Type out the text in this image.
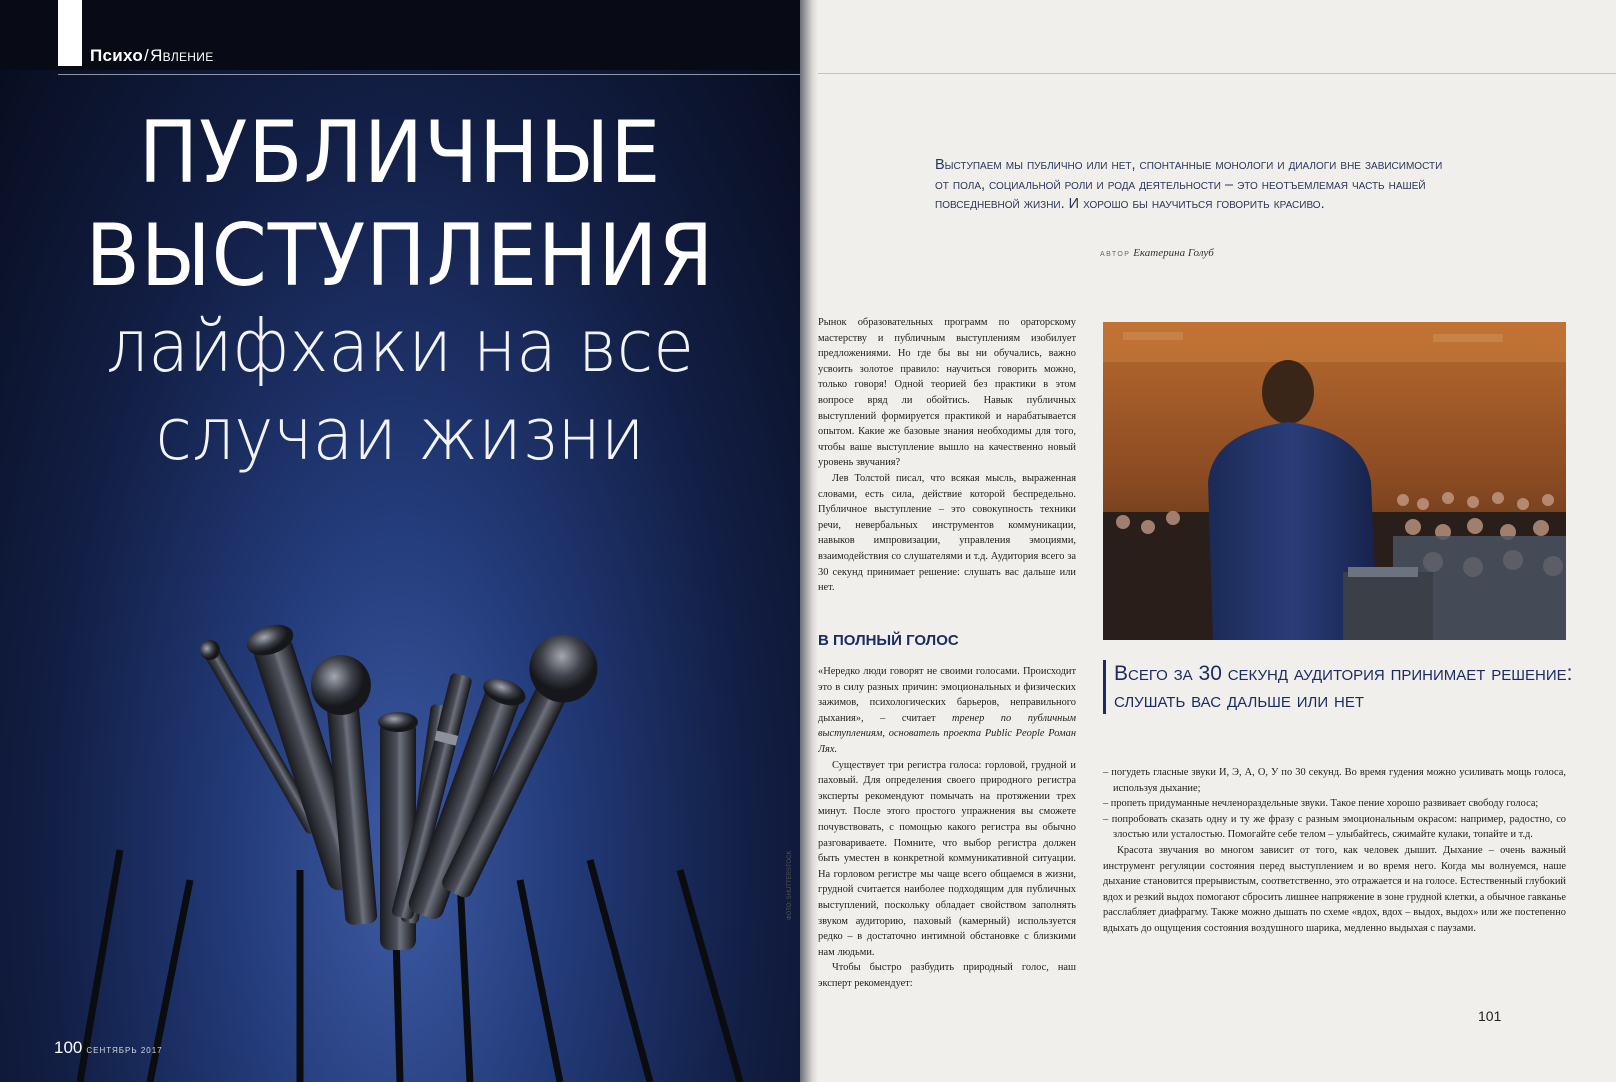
Психо/Явление
ПУБЛИЧНЫЕ
ВЫСТУПЛЕНИЯ
лайфхаки на все
случаи жизни
100 СЕНТЯБРЬ 2017
ФОТО: SHUTTERSTOCK
Выступаем мы публично или нет, спонтанные монологи и диалоги вне зависимости от пола, социальной роли и рода деятельности – это неотъемлемая часть нашей повседневной жизни. И хорошо бы научиться говорить красиво.
АВТОР Екатерина Голуб

Рынок образовательных программ по ораторскому мастерству и публичным выступлениям изобилует предложениями. Но где бы вы ни обучались, важно усвоить золотое правило: научиться говорить можно, только говоря! Одной теорией без практики в этом вопросе вряд ли обойтись. Навык публичных выступлений формируется практикой и нарабатывается опытом. Какие же базовые знания необходимы для того, чтобы ваше выступление вышло на качественно новый уровень звучания?

Лев Толстой писал, что всякая мысль, выраженная словами, есть сила, действие которой беспредельно. Публичное выступление – это совокупность техники речи, невербальных инструментов коммуникации, навыков импровизации, управления эмоциями, взаимодействия со слушателями и т.д. Аудитория всего за 30 секунд принимает решение: слушать вас дальше или нет.

В ПОЛНЫЙ ГОЛОС

«Нередко люди говорят не своими голосами. Происходит это в силу разных причин: эмоциональных и физических зажимов, психологических барьеров, неправильного дыхания», – считает тренер по публичным выступлениям, основатель проекта Public People Роман Лях.

Существует три регистра голоса: горловой, грудной и паховый. Для определения своего природного регистра эксперты рекомендуют помычать на протяжении трех минут. После этого простого упражнения вы сможете почувствовать, с помощью какого регистра вы обычно разговариваете. Помните, что выбор регистра должен быть уместен в конкретной коммуникативной ситуации. На горловом регистре мы чаще всего общаемся в жизни, грудной считается наиболее подходящим для публичных выступлений, поскольку обладает свойством заполнять звуком аудиторию, паховый (камерный) используется редко – в достаточно интимной обстановке с близкими нам людьми.

Чтобы быстро разбудить природный голос, наш эксперт рекомендует:

Всего за 30 секунд аудитория принимает решение: слушать вас дальше или нет

– погудеть гласные звуки И, Э, А, О, У по 30 секунд. Во время гудения можно усиливать мощь голоса, используя дыхание;

– пропеть придуманные нечленораздельные звуки. Такое пение хорошо развивает свободу голоса;

– попробовать сказать одну и ту же фразу с разным эмоциональным окрасом: например, радостно, со злостью или усталостью. Помогайте себе телом – улыбайтесь, сжимайте кулаки, топайте и т.д.

Красота звучания во многом зависит от того, как человек дышит. Дыхание – очень важный инструмент регуляции состояния перед выступлением и во время него. Когда мы волнуемся, наше дыхание становится прерывистым, соответственно, это отражается и на голосе. Естественный глубокий вдох и резкий выдох помогают сбросить лишнее напряжение в зоне грудной клетки, а обычное гавканье расслабляет диафрагму. Также можно дышать по схеме «вдох, вдох – выдох, выдох» или же постепенно вдыхать до ощущения состояния воздушного шарика, медленно выдыхая с паузами.

101
